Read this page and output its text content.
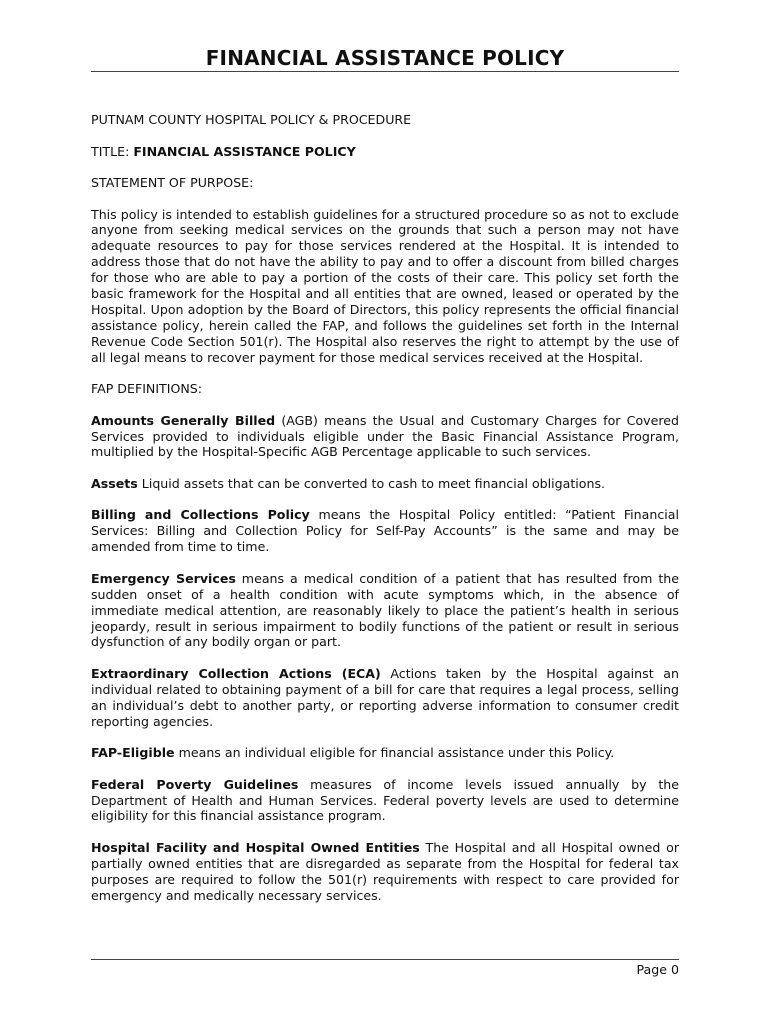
FINANCIAL ASSISTANCE POLICY

PUTNAM COUNTY HOSPITAL POLICY & PROCEDURE

TITLE: FINANCIAL ASSISTANCE POLICY

STATEMENT OF PURPOSE:

This policy is intended to establish guidelines for a structured procedure so as not to exclude anyone from seeking medical services on the grounds that such a person may not have adequate resources to pay for those services rendered at the Hospital. It is intended to address those that do not have the ability to pay and to offer a discount from billed charges for those who are able to pay a portion of the costs of their care. This policy set forth the basic framework for the Hospital and all entities that are owned, leased or operated by the Hospital. Upon adoption by the Board of Directors, this policy represents the official financial assistance policy, herein called the FAP, and follows the guidelines set forth in the Internal Revenue Code Section 501(r). The Hospital also reserves the right to attempt by the use of all legal means to recover payment for those medical services received at the Hospital.

FAP DEFINITIONS:

Amounts Generally Billed (AGB) means the Usual and Customary Charges for Covered Services provided to individuals eligible under the Basic Financial Assistance Program, multiplied by the Hospital-Specific AGB Percentage applicable to such services.

Assets Liquid assets that can be converted to cash to meet financial obligations.

Billing and Collections Policy means the Hospital Policy entitled: “Patient Financial Services: Billing and Collection Policy for Self-Pay Accounts” is the same and may be amended from time to time.

Emergency Services means a medical condition of a patient that has resulted from the sudden onset of a health condition with acute symptoms which, in the absence of immediate medical attention, are reasonably likely to place the patient’s health in serious jeopardy, result in serious impairment to bodily functions of the patient or result in serious dysfunction of any bodily organ or part.

Extraordinary Collection Actions (ECA) Actions taken by the Hospital against an individual related to obtaining payment of a bill for care that requires a legal process, selling an individual’s debt to another party, or reporting adverse information to consumer credit reporting agencies.

FAP-Eligible means an individual eligible for financial assistance under this Policy.

Federal Poverty Guidelines measures of income levels issued annually by the Department of Health and Human Services. Federal poverty levels are used to determine eligibility for this financial assistance program.

Hospital Facility and Hospital Owned Entities The Hospital and all Hospital owned or partially owned entities that are disregarded as separate from the Hospital for federal tax purposes are required to follow the 501(r) requirements with respect to care provided for emergency and medically necessary services.

Page 0
